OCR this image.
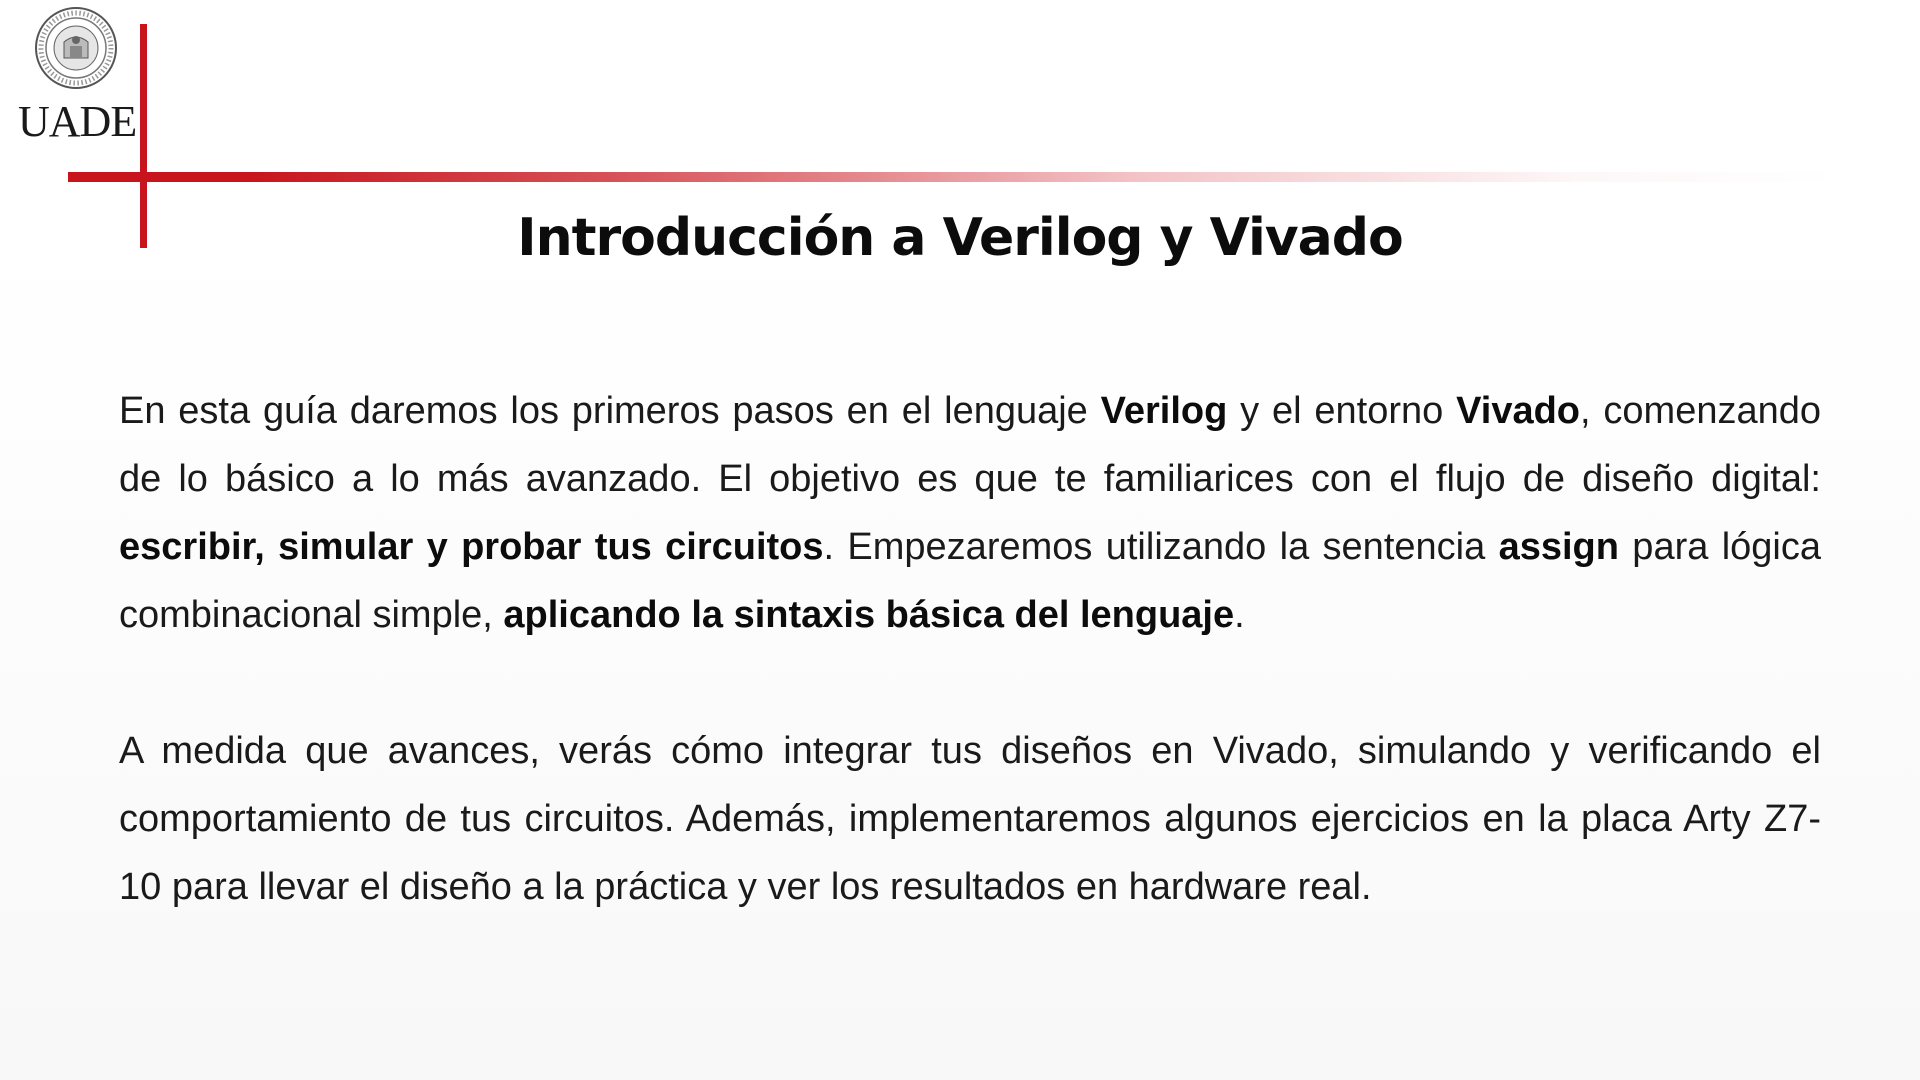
UADE
Introducción a Verilog y Vivado

En esta guía daremos los primeros pasos en el lenguaje Verilog y el entorno Vivado, comenzando de lo básico a lo más avanzado. El objetivo es que te familiarices con el flujo de diseño digital: escribir, simular y probar tus circuitos. Empezaremos utilizando la sentencia assign para lógica combinacional simple, aplicando la sintaxis básica del lenguaje.

A medida que avances, verás cómo integrar tus diseños en Vivado, simulando y verificando el comportamiento de tus circuitos. Además, implementaremos algunos ejercicios en la placa Arty Z7-10 para llevar el diseño a la práctica y ver los resultados en hardware real.
